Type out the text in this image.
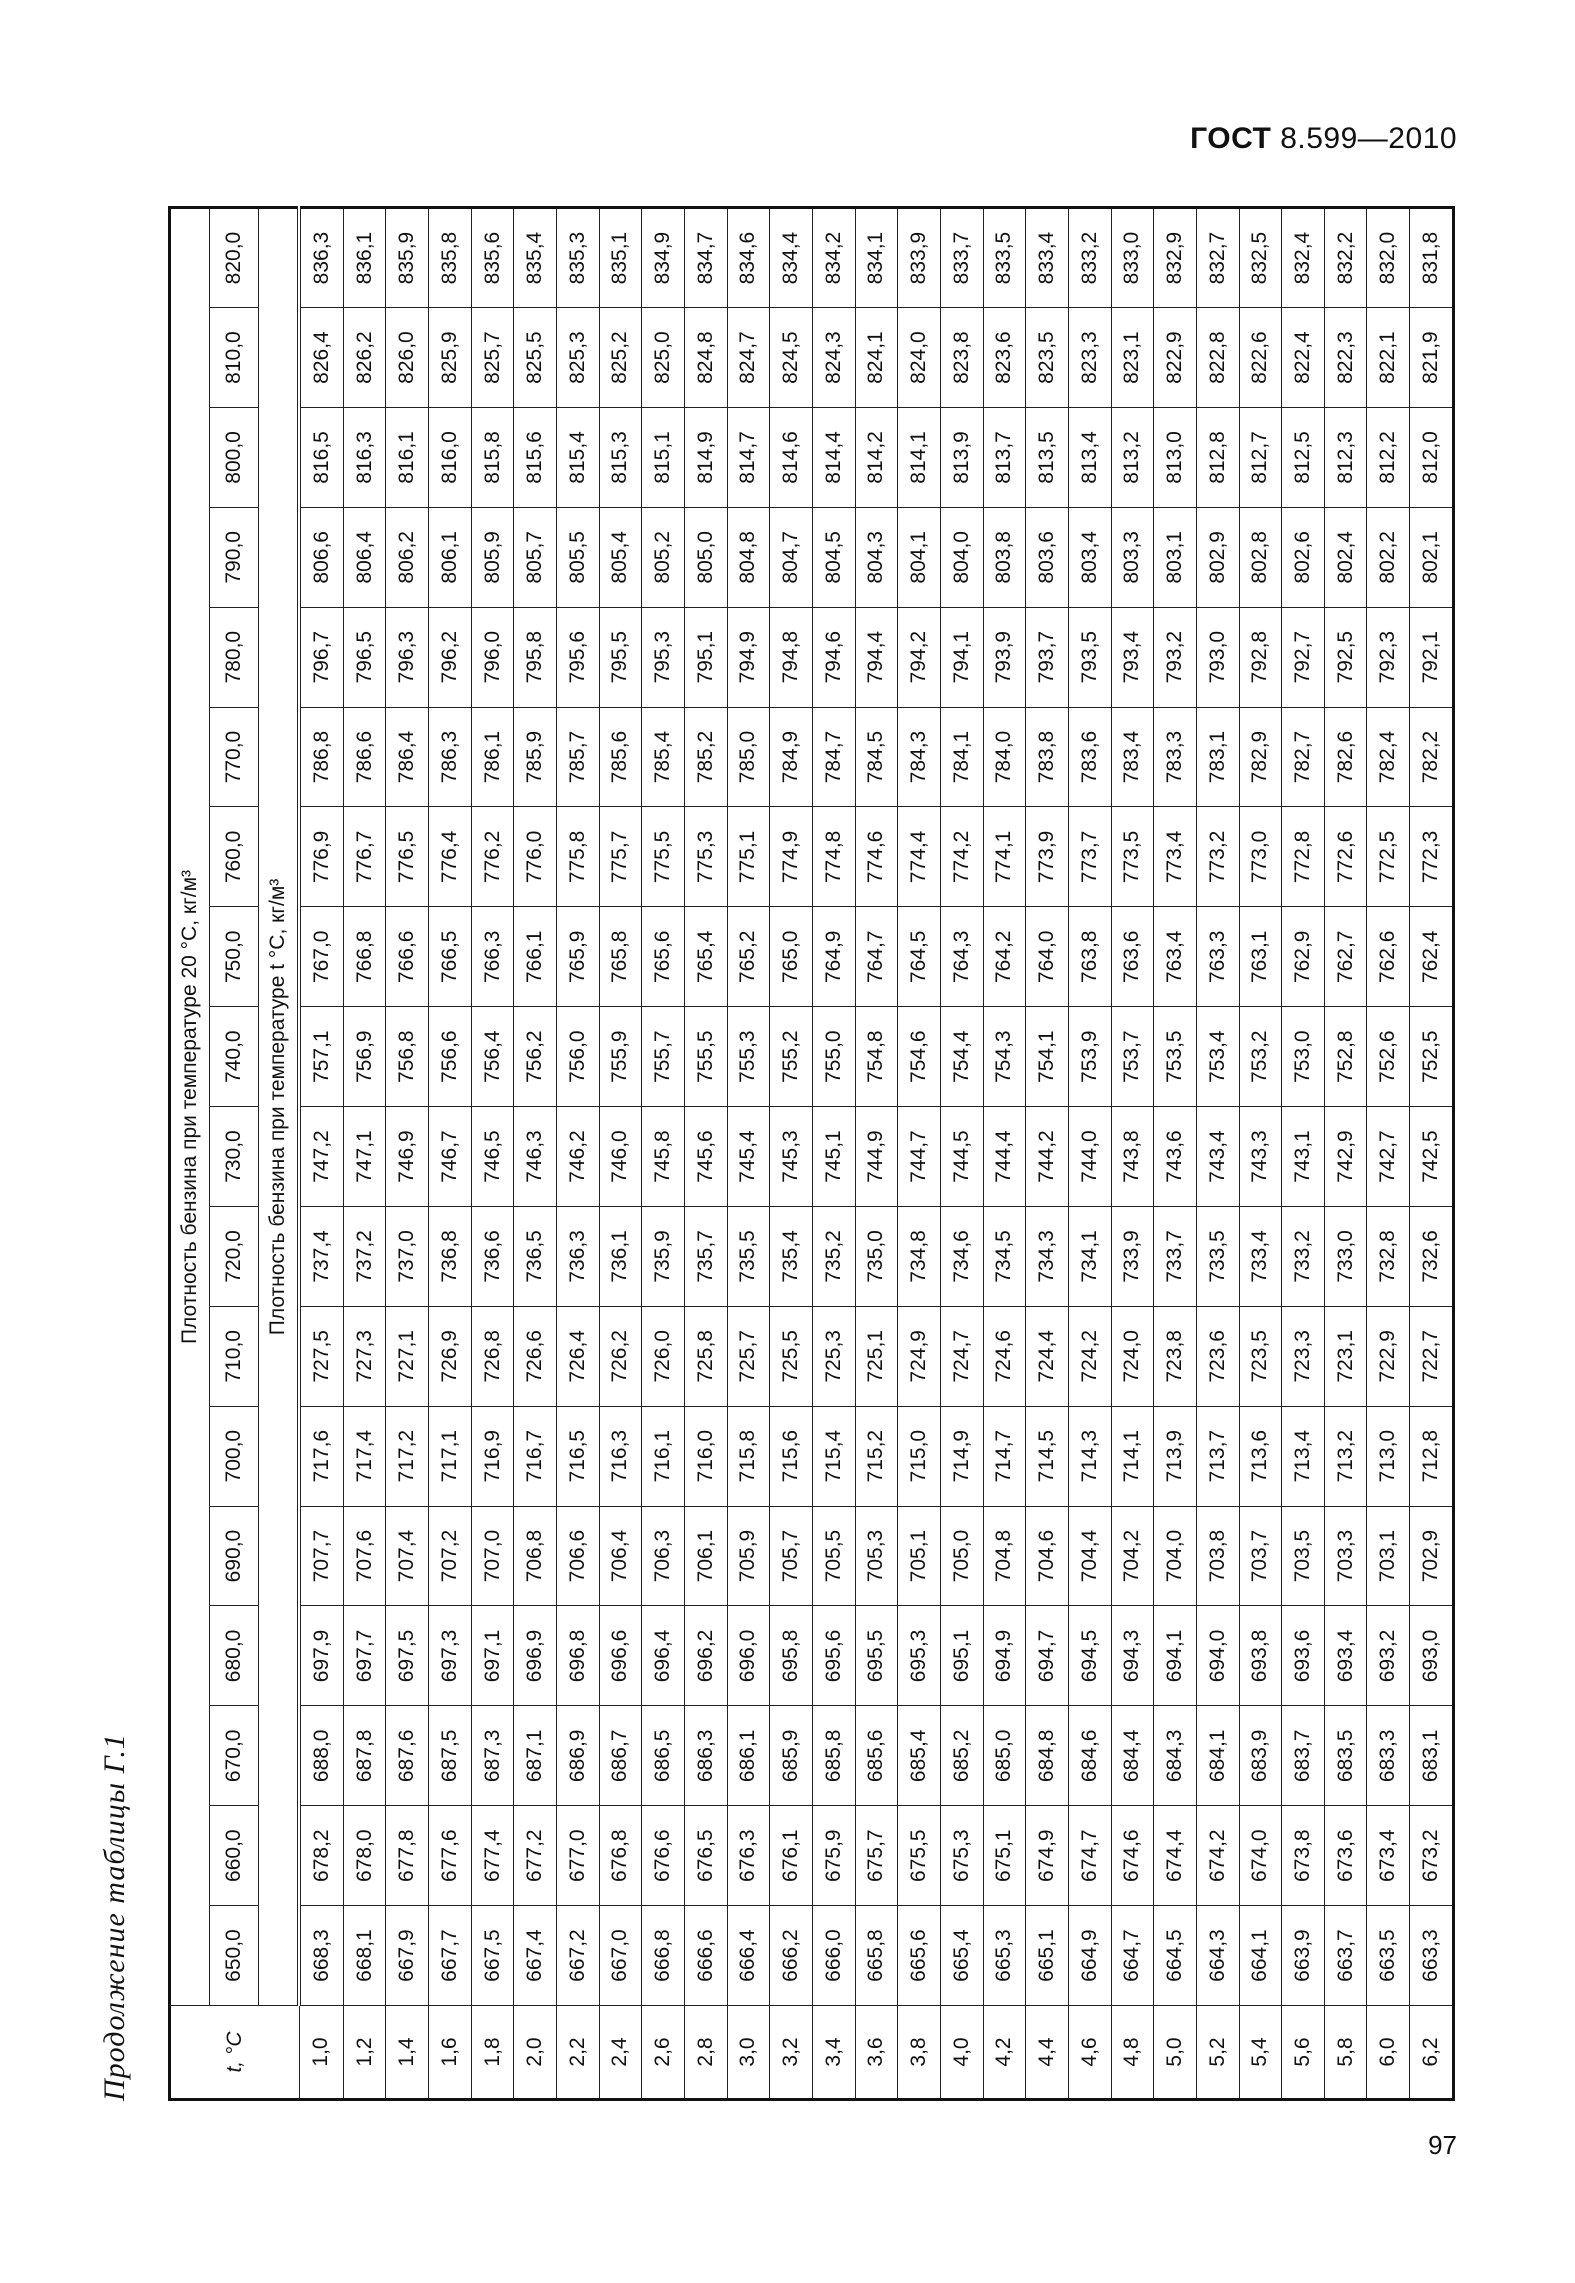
ГОСТ 8.599—2010
Продолжение таблицы Г.1	t, °С	Плотность бензина при температуре 20 °С, кг/м³																	
	650,0	660,0	670,0	680,0	690,0	700,0	710,0	720,0	730,0	740,0	750,0	760,0	770,0	780,0	790,0	800,0	810,0	820,0
	Плотность бензина при температуре t °С, кг/м³																	
1,0	668,3	678,2	688,0	697,9	707,7	717,6	727,5	737,4	747,2	757,1	767,0	776,9	786,8	796,7	806,6	816,5	826,4	836,3
1,2	668,1	678,0	687,8	697,7	707,6	717,4	727,3	737,2	747,1	756,9	766,8	776,7	786,6	796,5	806,4	816,3	826,2	836,1
1,4	667,9	677,8	687,6	697,5	707,4	717,2	727,1	737,0	746,9	756,8	766,6	776,5	786,4	796,3	806,2	816,1	826,0	835,9
1,6	667,7	677,6	687,5	697,3	707,2	717,1	726,9	736,8	746,7	756,6	766,5	776,4	786,3	796,2	806,1	816,0	825,9	835,8
1,8	667,5	677,4	687,3	697,1	707,0	716,9	726,8	736,6	746,5	756,4	766,3	776,2	786,1	796,0	805,9	815,8	825,7	835,6
2,0	667,4	677,2	687,1	696,9	706,8	716,7	726,6	736,5	746,3	756,2	766,1	776,0	785,9	795,8	805,7	815,6	825,5	835,4
2,2	667,2	677,0	686,9	696,8	706,6	716,5	726,4	736,3	746,2	756,0	765,9	775,8	785,7	795,6	805,5	815,4	825,3	835,3
2,4	667,0	676,8	686,7	696,6	706,4	716,3	726,2	736,1	746,0	755,9	765,8	775,7	785,6	795,5	805,4	815,3	825,2	835,1
2,6	666,8	676,6	686,5	696,4	706,3	716,1	726,0	735,9	745,8	755,7	765,6	775,5	785,4	795,3	805,2	815,1	825,0	834,9
2,8	666,6	676,5	686,3	696,2	706,1	716,0	725,8	735,7	745,6	755,5	765,4	775,3	785,2	795,1	805,0	814,9	824,8	834,7
3,0	666,4	676,3	686,1	696,0	705,9	715,8	725,7	735,5	745,4	755,3	765,2	775,1	785,0	794,9	804,8	814,7	824,7	834,6
3,2	666,2	676,1	685,9	695,8	705,7	715,6	725,5	735,4	745,3	755,2	765,0	774,9	784,9	794,8	804,7	814,6	824,5	834,4
3,4	666,0	675,9	685,8	695,6	705,5	715,4	725,3	735,2	745,1	755,0	764,9	774,8	784,7	794,6	804,5	814,4	824,3	834,2
3,6	665,8	675,7	685,6	695,5	705,3	715,2	725,1	735,0	744,9	754,8	764,7	774,6	784,5	794,4	804,3	814,2	824,1	834,1
3,8	665,6	675,5	685,4	695,3	705,1	715,0	724,9	734,8	744,7	754,6	764,5	774,4	784,3	794,2	804,1	814,1	824,0	833,9
4,0	665,4	675,3	685,2	695,1	705,0	714,9	724,7	734,6	744,5	754,4	764,3	774,2	784,1	794,1	804,0	813,9	823,8	833,7
4,2	665,3	675,1	685,0	694,9	704,8	714,7	724,6	734,5	744,4	754,3	764,2	774,1	784,0	793,9	803,8	813,7	823,6	833,5
4,4	665,1	674,9	684,8	694,7	704,6	714,5	724,4	734,3	744,2	754,1	764,0	773,9	783,8	793,7	803,6	813,5	823,5	833,4
4,6	664,9	674,7	684,6	694,5	704,4	714,3	724,2	734,1	744,0	753,9	763,8	773,7	783,6	793,5	803,4	813,4	823,3	833,2
4,8	664,7	674,6	684,4	694,3	704,2	714,1	724,0	733,9	743,8	753,7	763,6	773,5	783,4	793,4	803,3	813,2	823,1	833,0
5,0	664,5	674,4	684,3	694,1	704,0	713,9	723,8	733,7	743,6	753,5	763,4	773,4	783,3	793,2	803,1	813,0	822,9	832,9
5,2	664,3	674,2	684,1	694,0	703,8	713,7	723,6	733,5	743,4	753,4	763,3	773,2	783,1	793,0	802,9	812,8	822,8	832,7
5,4	664,1	674,0	683,9	693,8	703,7	713,6	723,5	733,4	743,3	753,2	763,1	773,0	782,9	792,8	802,8	812,7	822,6	832,5
5,6	663,9	673,8	683,7	693,6	703,5	713,4	723,3	733,2	743,1	753,0	762,9	772,8	782,7	792,7	802,6	812,5	822,4	832,4
5,8	663,7	673,6	683,5	693,4	703,3	713,2	723,1	733,0	742,9	752,8	762,7	772,6	782,6	792,5	802,4	812,3	822,3	832,2
6,0	663,5	673,4	683,3	693,2	703,1	713,0	722,9	732,8	742,7	752,6	762,6	772,5	782,4	792,3	802,2	812,2	822,1	832,0
6,2	663,3	673,2	683,1	693,0	702,9	712,8	722,7	732,6	742,5	752,5	762,4	772,3	782,2	792,1	802,1	812,0	821,9	831,8
97
